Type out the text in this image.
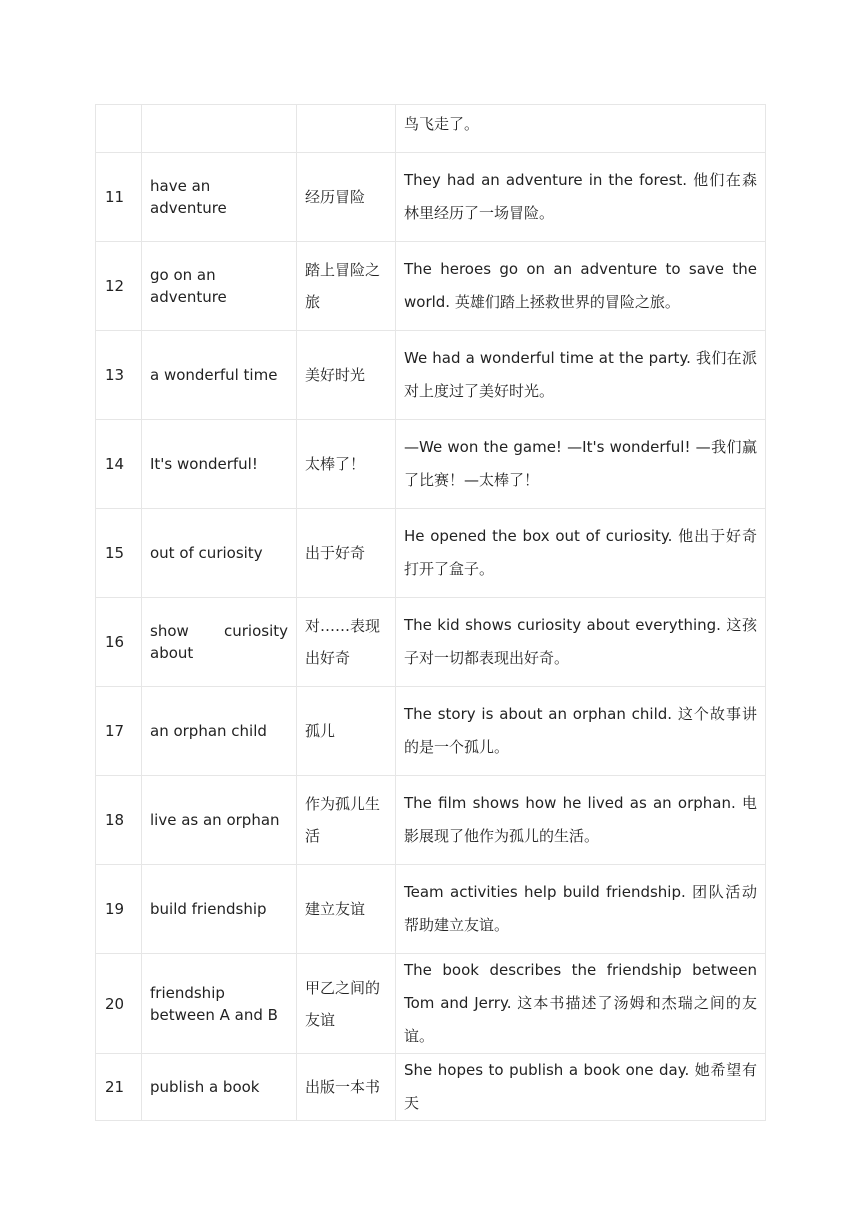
			鸟飞走了。
11	have an adventure	经历冒险	They had an adventure in the forest. 他们在森林里经历了一场冒险。
12	go on an adventure	踏上冒险之旅	The heroes go on an adventure to save the world. 英雄们踏上拯救世界的冒险之旅。
13	a wonderful time	美好时光	We had a wonderful time at the party. 我们在派对上度过了美好时光。
14	It's wonderful!	太棒了！	—We won the game! —It's wonderful! —我们赢了比赛！—太棒了！
15	out of curiosity	出于好奇	He opened the box out of curiosity. 他出于好奇打开了盒子。
16	show curiosity about	对……表现出好奇	The kid shows curiosity about everything. 这孩子对一切都表现出好奇。
17	an orphan child	孤儿	The story is about an orphan child. 这个故事讲的是一个孤儿。
18	live as an orphan	作为孤儿生活	The film shows how he lived as an orphan. 电影展现了他作为孤儿的生活。
19	build friendship	建立友谊	Team activities help build friendship. 团队活动帮助建立友谊。
20	friendship between A and B	甲乙之间的友谊	The book describes the friendship between Tom and Jerry. 这本书描述了汤姆和杰瑞之间的友谊。
21	publish a book	出版一本书	She hopes to publish a book one day. 她希望有天
